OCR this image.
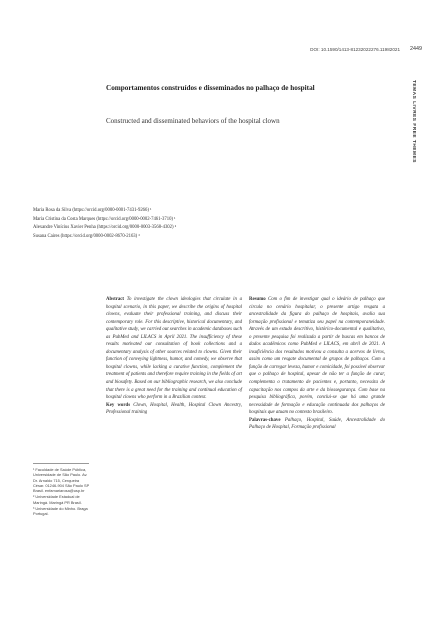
DOI: 10.1590/1413-81232022276.11982021	2449
TEMAS LIVRES FREE THEMES
Comportamentos construídos e disseminados no palhaço de hospital
Constructed and disseminated behaviors of the hospital clown
Maria Rosa da Silva (https://orcid.org/0000-0001-7431-9266) ¹
Maria Cristina da Costa Marques (https://orcid.org/0000-0002-7461-3710) ¹
Alexandre Vinícius Xavier Penha (https://orcid.org/0000-0003-3568-4302) ²
Susana Caires (https://orcid.org/0000-0002-8670-2163) ³

¹ Faculdade de Saúde Pública, Universidade de São Paulo. Av. Dr. Arnaldo 715, Cerqueira César. 01246-904 São Paulo SP Brasil. enfamariarosa@usp.br

² Universidade Estadual de Maringá. Maringá PR Brasil.

³ Universidade do Minho. Braga Portugal.

Abstract To investigate the clown ideologies that circulate in a hospital scenario, in this paper, we describe the origins of hospital clowns, evaluate their professional training, and discuss their contemporary role. For this descriptive, historical documentary, and qualitative study, we carried out searches in academic databases such as PubMed and LILACS in April 2021. The insufficiency of these results motivated our consultation of book collections and a documentary analysis of other sources related to clowns. Given their function of conveying lightness, humor, and comedy, we observe that hospital clowns, while lacking a curative function, complement the treatment of patients and therefore require training in the fields of art and biosafety. Based on our bibliographic research, we also conclude that there is a great need for the training and continual education of hospital clowns who perform in a Brazilian context.

Key words Clown, Hospital, Health, Hospital Clown Ancestry, Professional training

Resumo Com o fim de investigar qual o ideário de palhaço que circula no cenário hospitalar, o presente artigo resgata a ancestralidade da figura do palhaço de hospitais, avalia sua formação profissional e tematiza seu papel na contemporaneidade. Através de um estudo descritivo, histórico-documental e qualitativo, o presente pesquisa foi realizada a partir de buscas em bancos de dados acadêmicos como PubMed e LILACS, em abril de 2021. A insuficiência dos resultados motivou a consulta a acervos de livros, assim como um resgate documental de grupos de palhaços. Com a função de carregar leveza, humor e comicidade, foi possível observar que o palhaço de hospital, apesar de não ter a função de curar, complementa o tratamento de pacientes e, portanto, necessita de capacitação nos campos da arte e da biossegurança. Com base na pesquisa bibliográfica, porém, conclui-se que há uma grande necessidade de formação e educação continuada dos palhaços de hospitais que atuam no contexto brasileiro.

Palavras-chave Palhaço, Hospital, Saúde, Ancestralidade do Palhaço de Hospital, Formação profissional
